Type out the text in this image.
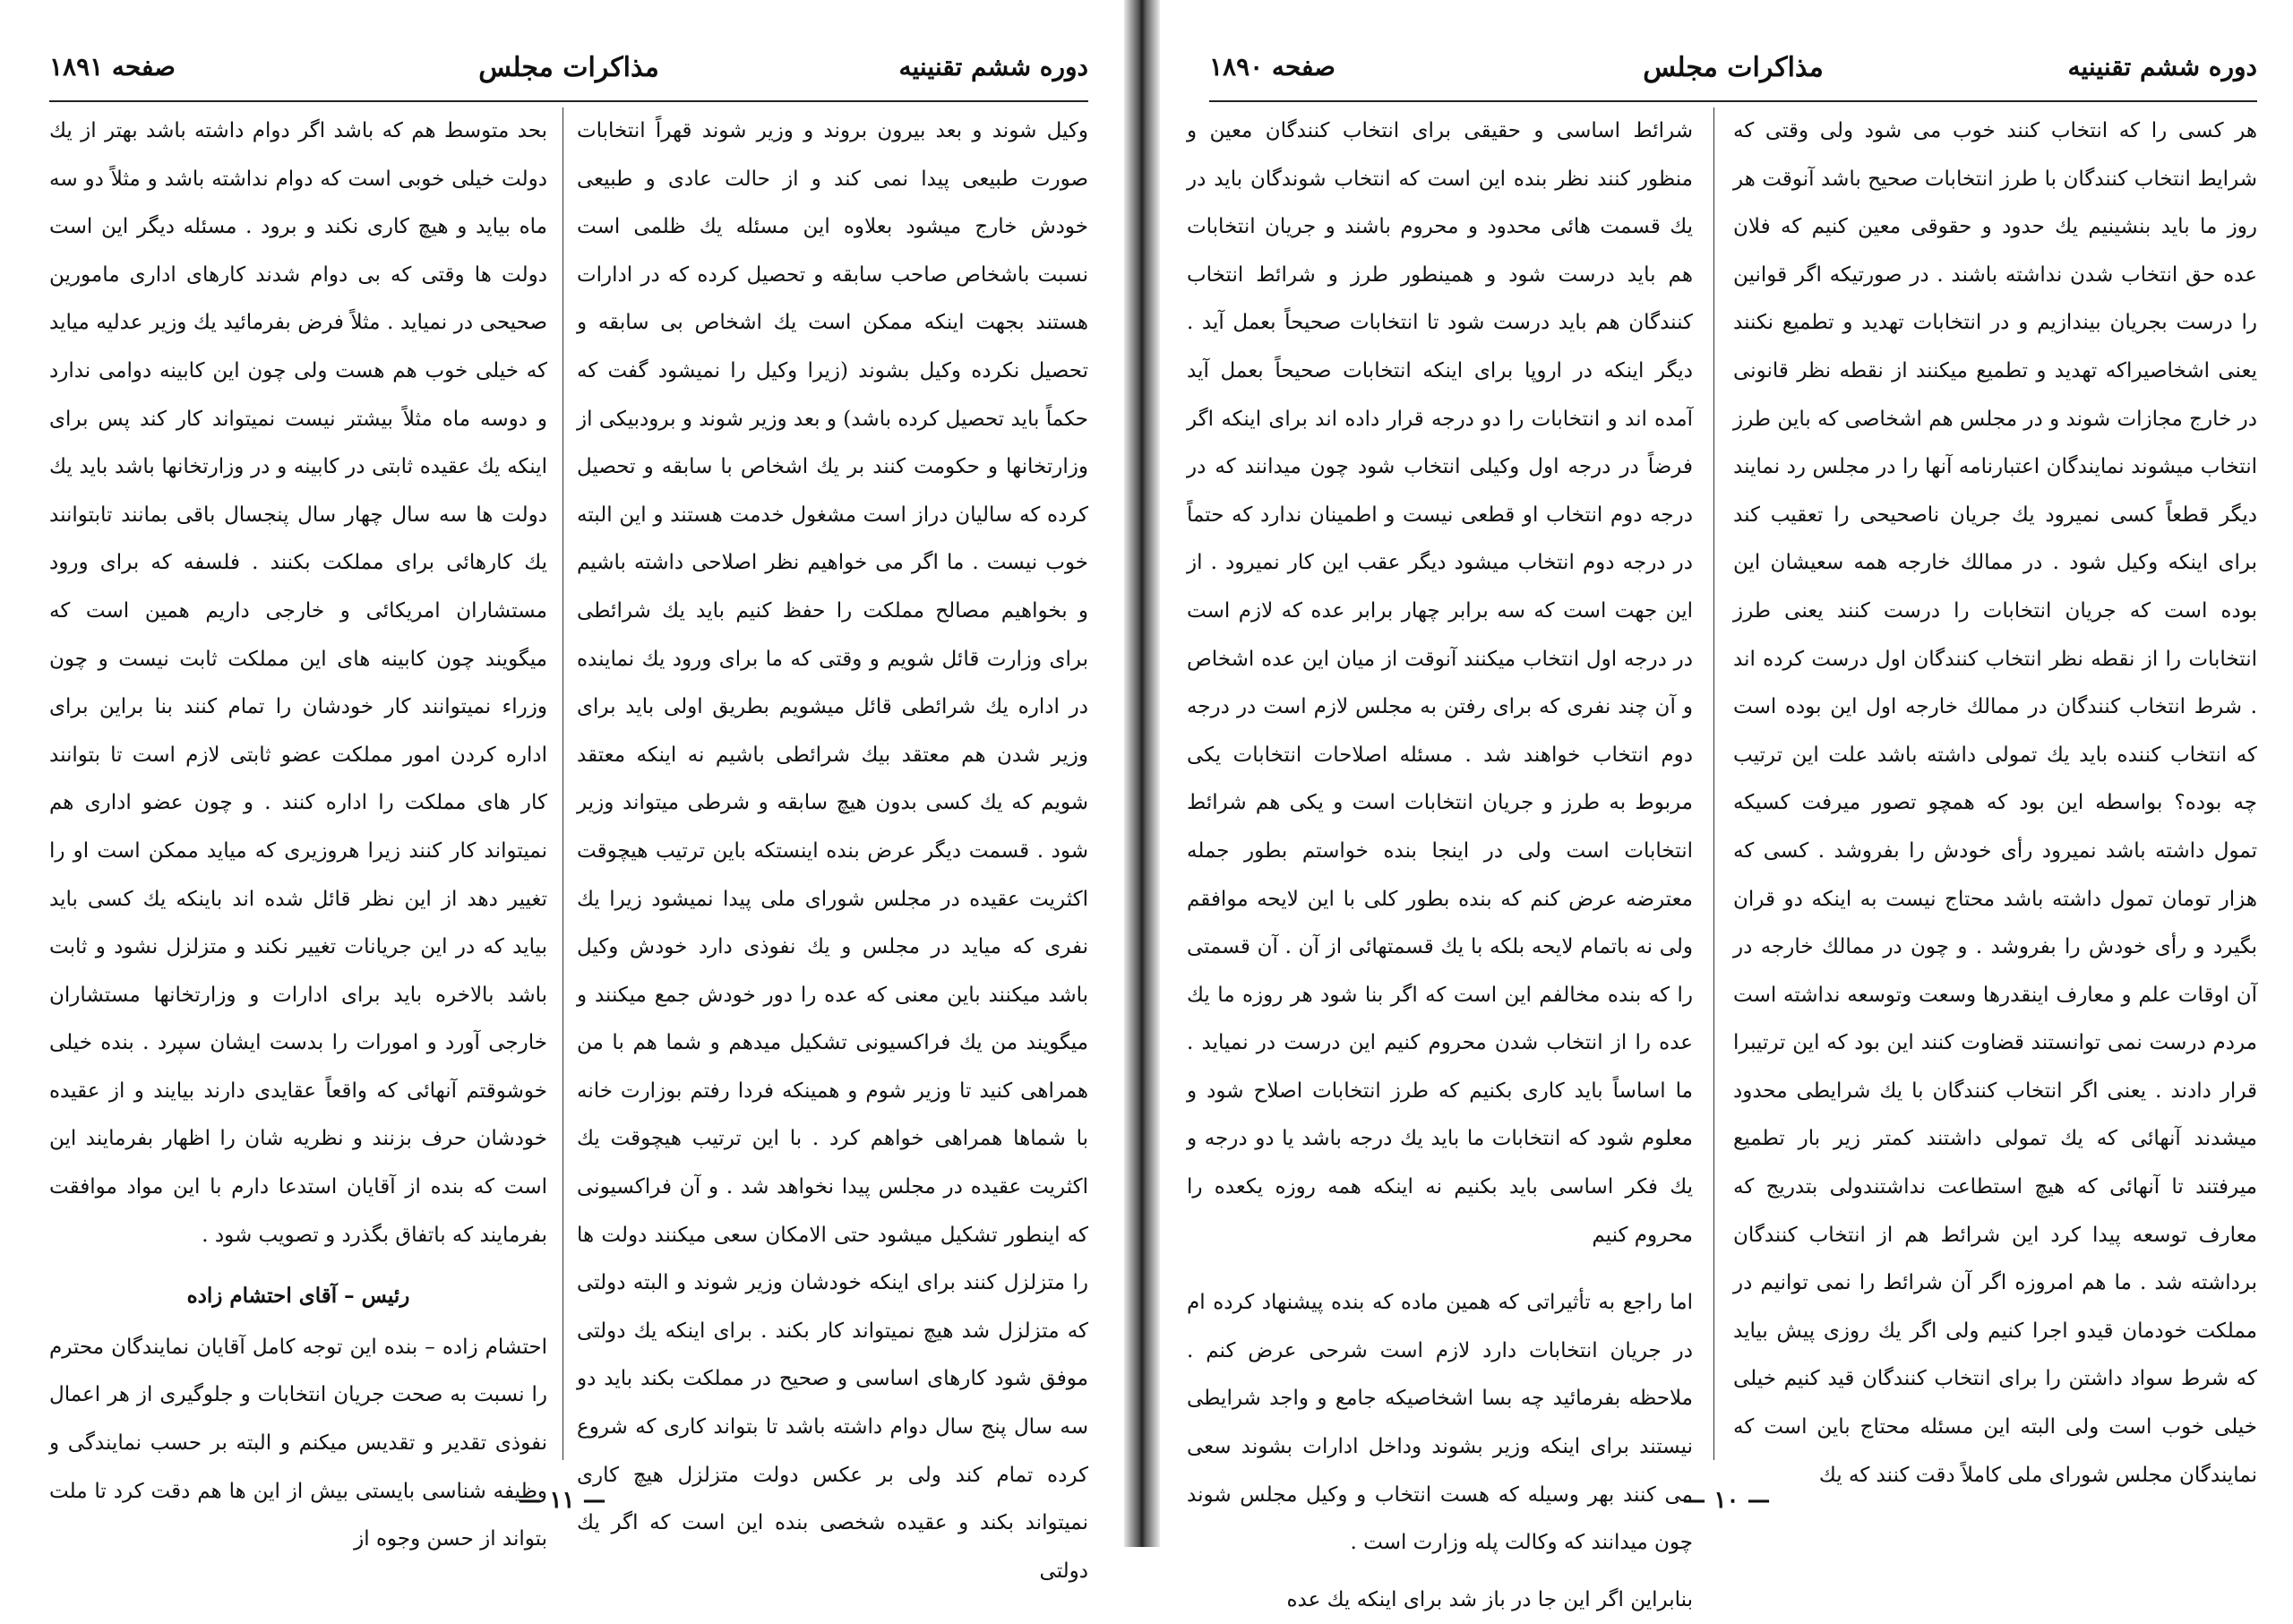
دوره ششم تقنینیه
مذاکرات مجلس
صفحه ۱۸۹۱

وکیل شوند و بعد بیرون بروند و وزیر شوند قهراً انتخابات صورت طبیعی پیدا نمی کند و از حالت عادی و طبیعی خودش خارج میشود بعلاوه این مسئله یك ظلمی است نسبت باشخاص صاحب سابقه و تحصیل کرده که در ادارات هستند بجهت اینکه ممکن است یك اشخاص بی سابقه و تحصیل نکرده وکیل بشوند (زیرا وکیل را نمیشود گفت که حکماً باید تحصیل کرده باشد) و بعد وزیر شوند و برودبیکی از وزارتخانها و حکومت کنند بر یك اشخاص با سابقه و تحصیل کرده که سالیان دراز است مشغول خدمت هستند و این البته خوب نیست . ما اگر می خواهیم نظر اصلاحی داشته باشیم و بخواهیم مصالح مملکت را حفظ کنیم باید یك شرائطی برای وزارت قائل شویم و وقتی که ما برای ورود یك نماینده در اداره یك شرائطی قائل میشویم بطریق اولی باید برای وزیر شدن هم معتقد بیك شرائطی باشیم نه اینکه معتقد شویم که یك کسی بدون هیچ سابقه و شرطی میتواند وزیر شود . قسمت دیگر عرض بنده اینستکه باین ترتیب هیچوقت اکثریت عقیده در مجلس شورای ملی پیدا نمیشود زیرا یك نفری که میاید در مجلس و یك نفوذی دارد خودش وکیل باشد میکنند باین معنی که عده را دور خودش جمع میکنند و میگویند من یك فراکسیونی تشکیل میدهم و شما هم با من همراهی کنید تا وزیر شوم و همینکه فردا رفتم بوزارت خانه با شماها همراهی خواهم کرد . با این ترتیب هیچوقت یك اکثریت عقیده در مجلس پیدا نخواهد شد . و آن فراکسیونی که اینطور تشکیل میشود حتی الامکان سعی میکنند دولت ها را متزلزل کنند برای اینکه خودشان وزیر شوند و البته دولتی که متزلزل شد هیچ نمیتواند کار بکند . برای اینکه یك دولتی موفق شود کارهای اساسی و صحیح در مملکت بکند باید دو سه سال پنج سال دوام داشته باشد تا بتواند کاری که شروع کرده تمام کند ولی بر عکس دولت متزلزل هیچ کاری نمیتواند بکند و عقیده شخصی بنده این است که اگر یك دولتی

بحد متوسط هم که باشد اگر دوام داشته باشد بهتر از یك دولت خیلی خوبی است که دوام نداشته باشد و مثلاً دو سه ماه بیاید و هیچ کاری نکند و برود . مسئله دیگر این است دولت ها وقتی که بی دوام شدند کارهای اداری مامورین صحیحی در نمیاید . مثلاً فرض بفرمائید یك وزیر عدلیه میاید که خیلی خوب هم هست ولی چون این کابینه دوامی ندارد و دوسه ماه مثلاً بیشتر نیست نمیتواند کار کند پس برای اینکه یك عقیده ثابتی در کابینه و در وزارتخانها باشد باید یك دولت ها سه سال چهار سال پنجسال باقی بمانند تابتوانند یك کارهائی برای مملکت بکنند . فلسفه که برای ورود مستشاران امریکائی و خارجی داریم همین است که میگویند چون کابینه های این مملکت ثابت نیست و چون وزراء نمیتوانند کار خودشان را تمام کنند بنا براین برای اداره کردن امور مملکت عضو ثابتی لازم است تا بتوانند کار های مملکت را اداره کنند . و چون عضو اداری هم نمیتواند کار کنند زیرا هروزیری که میاید ممکن است او را تغییر دهد از این نظر قائل شده اند باینکه یك کسی باید بیاید که در این جریانات تغییر نکند و متزلزل نشود و ثابت باشد بالاخره باید برای ادارات و وزارتخانها مستشاران خارجی آورد و امورات را بدست ایشان سپرد . بنده خیلی خوشوقتم آنهائی که واقعاً عقایدی دارند بیایند و از عقیده خودشان حرف بزنند و نظریه شان را اظهار بفرمایند این است که بنده از آقایان استدعا دارم با این مواد موافقت بفرمایند که باتفاق بگذرد و تصویب شود .

رئیس – آقای احتشام زاده

احتشام زاده – بنده این توجه کامل آقایان نمایندگان محترم را نسبت به صحت جریان انتخابات و جلوگیری از هر اعمال نفوذی تقدیر و تقدیس میکنم و البته بر حسب نمایندگی و وظیفه شناسی بایستی بیش از این ها هم دقت کرد تا ملت بتواند از حسن وجوه از

— ۱۱ —
دوره ششم تقنینیه
مذاکرات مجلس
صفحه ۱۸۹۰

هر کسی را که انتخاب کنند خوب می شود ولی وقتی که شرایط انتخاب کنندگان با طرز انتخابات صحیح باشد آنوقت هر روز ما باید بنشینیم یك حدود و حقوقی معین کنیم که فلان عده حق انتخاب شدن نداشته باشند . در صورتیکه اگر قوانین را درست بجریان بیندازیم و در انتخابات تهدید و تطمیع نکنند یعنی اشخاصیراکه تهدید و تطمیع میکنند از نقطه نظر قانونی در خارج مجازات شوند و در مجلس هم اشخاصی که باین طرز انتخاب میشوند نمایندگان اعتبارنامه آنها را در مجلس رد نمایند دیگر قطعاً کسی نمیرود یك جریان ناصحیحی را تعقیب کند برای اینکه وکیل شود . در ممالك خارجه همه سعیشان این بوده است که جریان انتخابات را درست کنند یعنی طرز انتخابات را از نقطه نظر انتخاب کنندگان اول درست کرده اند . شرط انتخاب کنندگان در ممالك خارجه اول این بوده است که انتخاب کننده باید یك تمولی داشته باشد علت این ترتیب چه بوده؟ بواسطه این بود که همچو تصور میرفت کسیکه تمول داشته باشد نمیرود رأی خودش را بفروشد . کسی که هزار تومان تمول داشته باشد محتاج نیست به اینکه دو قران بگیرد و رأی خودش را بفروشد . و چون در ممالك خارجه در آن اوقات علم و معارف اینقدرها وسعت وتوسعه نداشته است مردم درست نمی توانستند قضاوت کنند این بود که این ترتیبرا قرار دادند . یعنی اگر انتخاب کنندگان با یك شرایطی محدود میشدند آنهائی که یك تمولی داشتند کمتر زیر بار تطمیع میرفتند تا آنهائی که هیچ استطاعت نداشتندولی بتدریج که معارف توسعه پیدا کرد این شرائط هم از انتخاب کنندگان برداشته شد . ما هم امروزه اگر آن شرائط را نمی توانیم در مملکت خودمان قیدو اجرا کنیم ولی اگر یك روزی پیش بیاید که شرط سواد داشتن را برای انتخاب کنندگان قید کنیم خیلی خیلی خوب است ولی البته این مسئله محتاج باین است که نمایندگان مجلس شورای ملی کاملاً دقت کنند که یك

شرائط اساسی و حقیقی برای انتخاب کنندگان معین و منظور کنند نظر بنده این است که انتخاب شوندگان باید در یك قسمت هائی محدود و محروم باشند و جریان انتخابات هم باید درست شود و همینطور طرز و شرائط انتخاب کنندگان هم باید درست شود تا انتخابات صحیحاً بعمل آید . دیگر اینکه در اروپا برای اینکه انتخابات صحیحاً بعمل آید آمده اند و انتخابات را دو درجه قرار داده اند برای اینکه اگر فرضاً در درجه اول وکیلی انتخاب شود چون میدانند که در درجه دوم انتخاب او قطعی نیست و اطمینان ندارد که حتماً در درجه دوم انتخاب میشود دیگر عقب این کار نمیرود . از این جهت است که سه برابر چهار برابر عده که لازم است در درجه اول انتخاب میکنند آنوقت از میان این عده اشخاص و آن چند نفری که برای رفتن به مجلس لازم است در درجه دوم انتخاب خواهند شد . مسئله اصلاحات انتخابات یکی مربوط به طرز و جریان انتخابات است و یکی هم شرائط انتخابات است ولی در اینجا بنده خواستم بطور جمله معترضه عرض کنم که بنده بطور کلی با این لایحه موافقم ولی نه باتمام لایحه بلکه با یك قسمتهائی از آن . آن قسمتی را که بنده مخالفم این است که اگر بنا شود هر روزه ما یك عده را از انتخاب شدن محروم کنیم این درست در نمیاید . ما اساساً باید کاری بکنیم که طرز انتخابات اصلاح شود و معلوم شود که انتخابات ما باید یك درجه باشد یا دو درجه و یك فکر اساسی باید بکنیم نه اینکه همه روزه یکعده را محروم کنیم

اما راجع به تأثیراتی که همین ماده که بنده پیشنهاد کرده ام در جریان انتخابات دارد لازم است شرحی عرض کنم . ملاحظه بفرمائید چه بسا اشخاصیکه جامع و واجد شرایطی نیستند برای اینکه وزیر بشوند وداخل ادارات بشوند سعی می کنند بهر وسیله که هست انتخاب و وکیل مجلس شوند چون میدانند که وکالت پله وزارت است .

بنابراین اگر این جا در باز شد برای اینکه یك عده

— ۱۰ —
